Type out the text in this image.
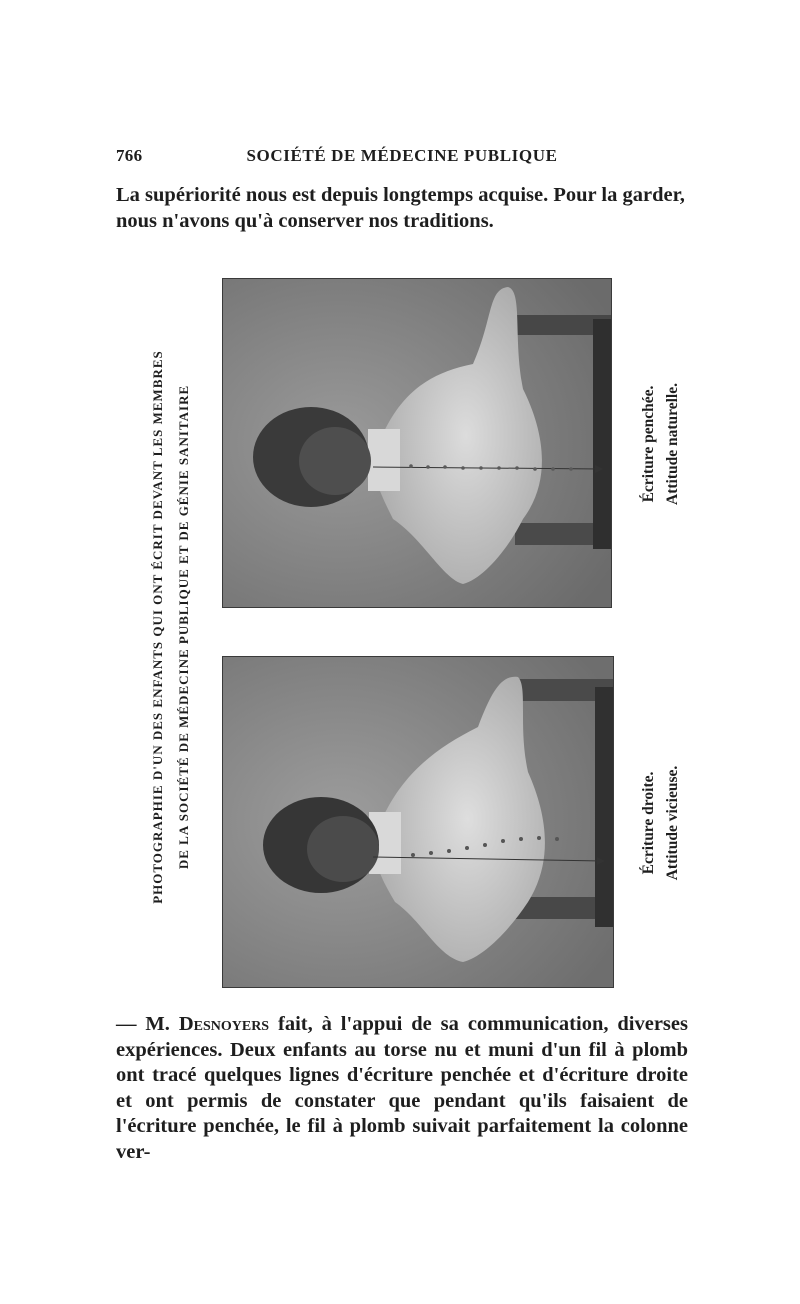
766	SOCIÉTÉ DE MÉDECINE PUBLIQUE

La supériorité nous est depuis longtemps acquise. Pour la garder, nous n'avons qu'à conserver nos traditions.

PHOTOGRAPHIE D'UN DES ENFANTS QUI ONT ÉCRIT DEVANT LES MEMBRES DE LA SOCIÉTÉ DE MÉDECINE PUBLIQUE ET DE GÉNIE SANITAIRE	Écriture penchée. Attitude naturelle.
Écriture droite. Attitude vicieuse.

— M. Desnoyers fait, à l'appui de sa communication, diverses expériences. Deux enfants au torse nu et muni d'un fil à plomb ont tracé quelques lignes d'écriture penchée et d'écriture droite et ont permis de constater que pendant qu'ils faisaient de l'écriture penchée, le fil à plomb suivait parfaitement la colonne ver-
